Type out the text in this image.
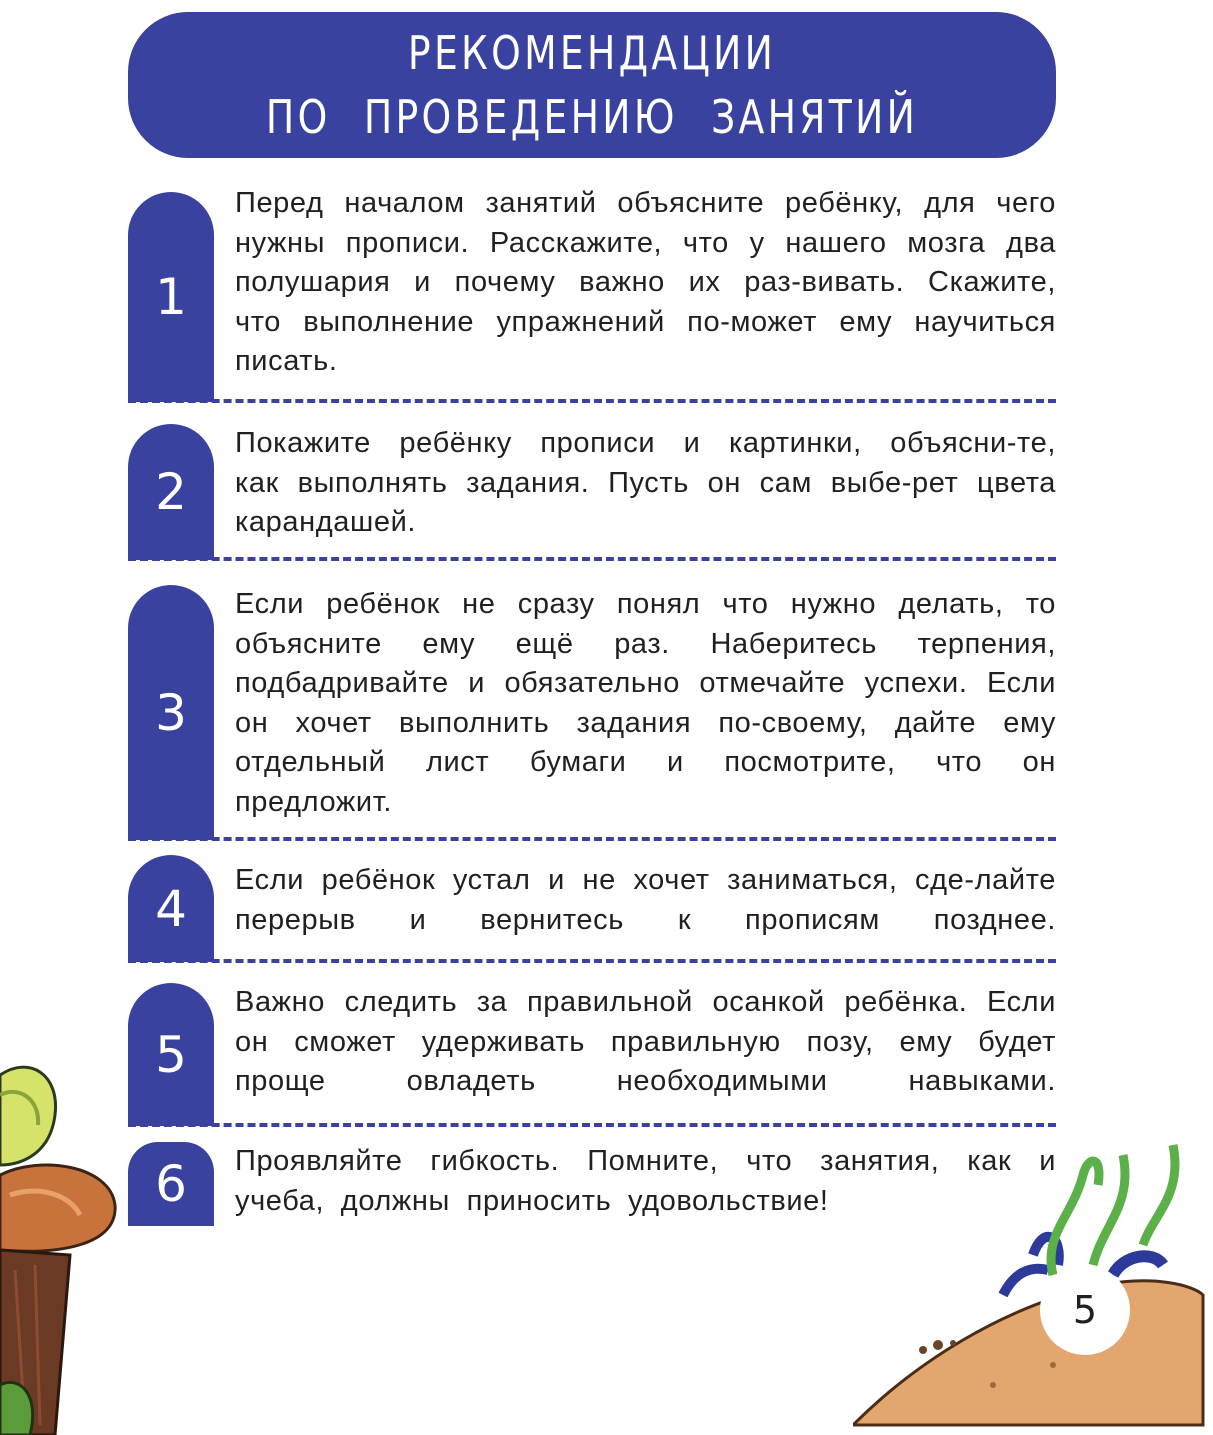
РЕКОМЕНДАЦИИ
ПО ПРОВЕДЕНИЮ ЗАНЯТИЙ
1
Перед началом занятий объясните ребёнку, для чего нужны прописи. Расскажите, что у нашего мозга два полушария и почему важно их раз-вивать. Скажите, что выполнение упражнений по-может ему научиться писать.
2
Покажите ребёнку прописи и картинки, объясни-те, как выполнять задания. Пусть он сам выбе-рет цвета карандашей.
3
Если ребёнок не сразу понял что нужно делать, то объясните ему ещё раз. Наберитесь терпения, подбадривайте и обязательно отмечайте успехи. Если он хочет выполнить задания по-своему, дайте ему отдельный лист бумаги и посмотрите, что он предложит.
4	Если ребёнок устал и не хочет заниматься, сде-лайте перерыв и вернитесь к прописям позднее.
5
Важно следить за правильной осанкой ребёнка. Если он сможет удерживать правильную позу, ему будет проще овладеть необходимыми навыками.
6	Проявляйте гибкость. Помните, что занятия, как и учеба, должны приносить удовольствие!
5
